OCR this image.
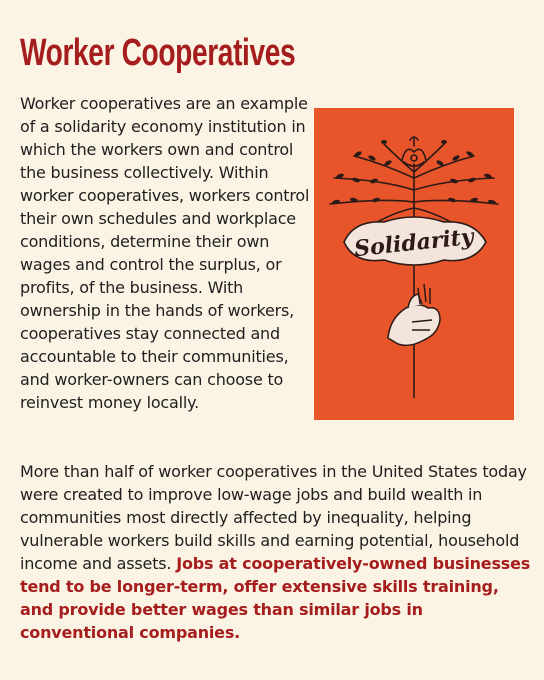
Worker Cooperatives

Worker cooperatives are an example of a solidarity economy institution in which the workers own and control the business collectively. Within worker cooperatives, workers control their own schedules and workplace conditions, determine their own wages and control the surplus, or profits, of the business. With ownership in the hands of workers, cooperatives stay connected and accountable to their communities, and worker-owners can choose to reinvest money locally.

Solidarity

More than half of worker cooperatives in the United States today were created to improve low-wage jobs and build wealth in communities most directly affected by inequality, helping vulnerable workers build skills and earning potential, household income and assets. Jobs at cooperatively-owned businesses tend to be longer-term, offer extensive skills training, and provide better wages than similar jobs in conventional companies.
